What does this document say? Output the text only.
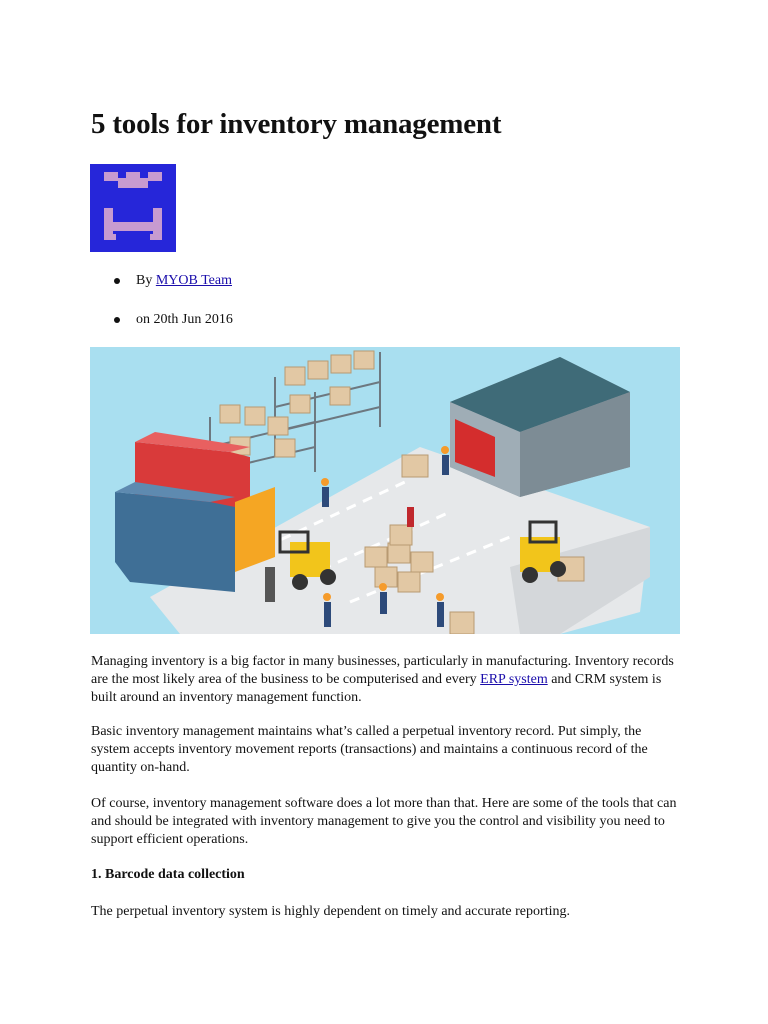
5 tools for inventory management
By MYOB Team
on 20th Jun 2016

Managing inventory is a big factor in many businesses, particularly in manufacturing. Inventory records are the most likely area of the business to be computerised and every ERP system and CRM system is built around an inventory management function.

Basic inventory management maintains what’s called a perpetual inventory record. Put simply, the system accepts inventory movement reports (transactions) and maintains a continuous record of the quantity on-hand.

Of course, inventory management software does a lot more than that. Here are some of the tools that can and should be integrated with inventory management to give you the control and visibility you need to support efficient operations.

1. Barcode data collection

The perpetual inventory system is highly dependent on timely and accurate reporting.
